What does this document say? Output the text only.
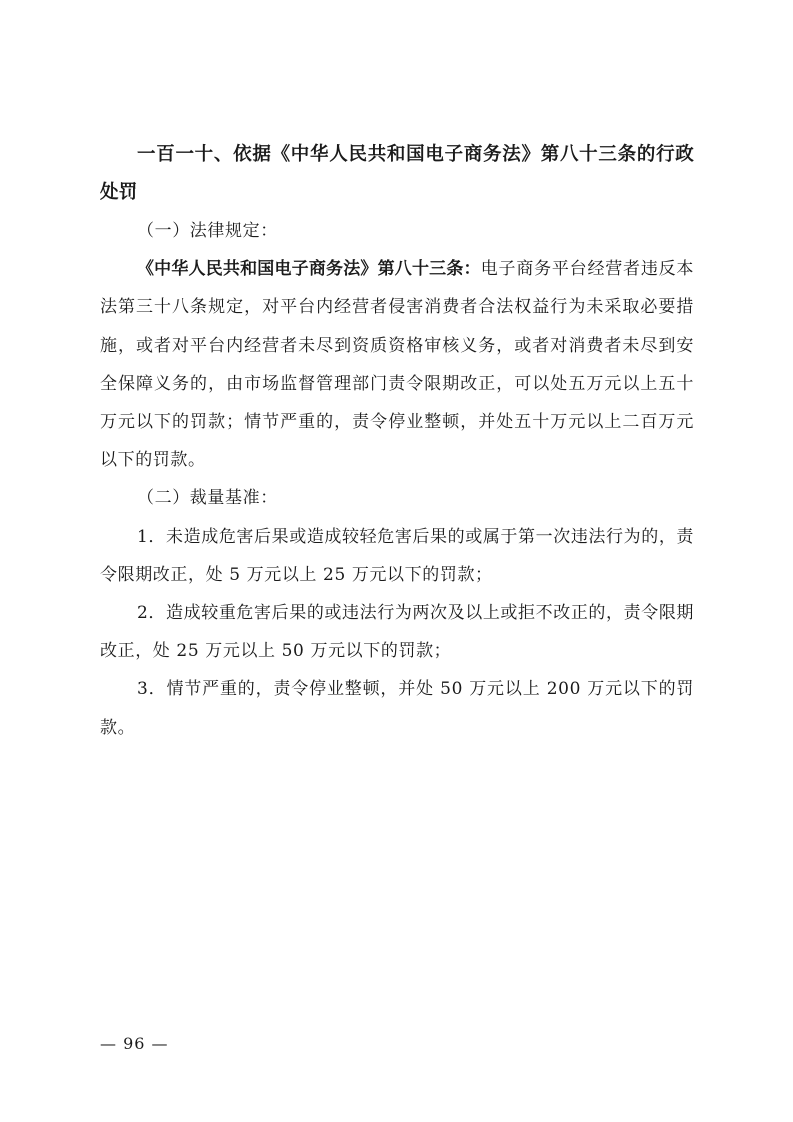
一百一十、依据《中华人民共和国电子商务法》第八十三条的行政处罚

（一）法律规定：

《中华人民共和国电子商务法》第八十三条：电子商务平台经营者违反本法第三十八条规定，对平台内经营者侵害消费者合法权益行为未采取必要措施，或者对平台内经营者未尽到资质资格审核义务，或者对消费者未尽到安全保障义务的，由市场监督管理部门责令限期改正，可以处五万元以上五十万元以下的罚款；情节严重的，责令停业整顿，并处五十万元以上二百万元以下的罚款。

（二）裁量基准：

1．未造成危害后果或造成较轻危害后果的或属于第一次违法行为的，责令限期改正，处 5 万元以上 25 万元以下的罚款；

2．造成较重危害后果的或违法行为两次及以上或拒不改正的，责令限期改正，处 25 万元以上 50 万元以下的罚款；

3．情节严重的，责令停业整顿，并处 50 万元以上 200 万元以下的罚款。

— 96 —
